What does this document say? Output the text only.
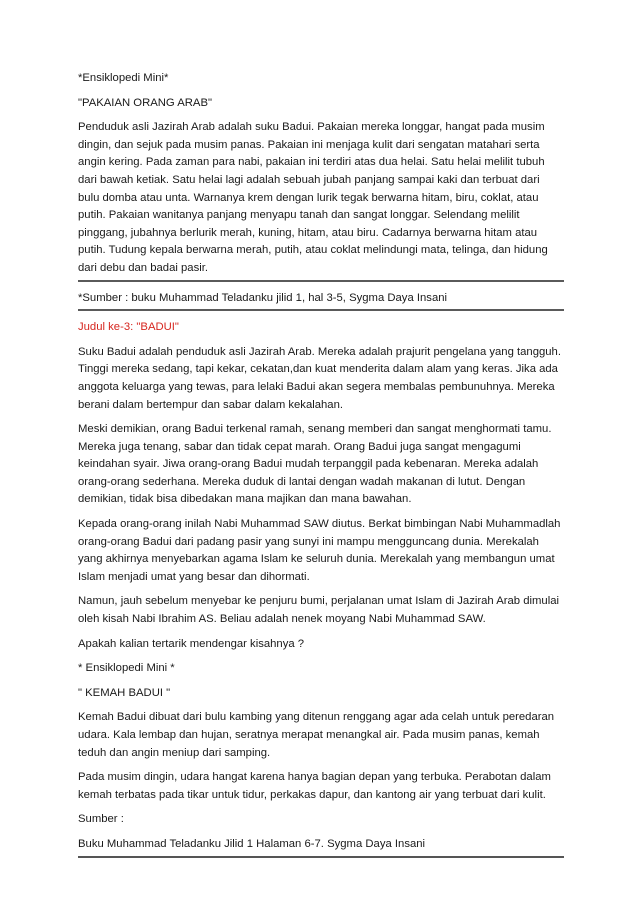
*Ensiklopedi Mini*

"PAKAIAN ORANG ARAB"

Penduduk asli Jazirah Arab adalah suku Badui. Pakaian mereka longgar, hangat pada musim dingin, dan sejuk pada musim panas. Pakaian ini menjaga kulit dari sengatan matahari serta angin kering. Pada zaman para nabi, pakaian ini terdiri atas dua helai. Satu helai melilit tubuh dari bawah ketiak. Satu helai lagi adalah sebuah jubah panjang sampai kaki dan terbuat dari bulu domba atau unta. Warnanya krem dengan lurik tegak berwarna hitam, biru, coklat, atau putih. Pakaian wanitanya panjang menyapu tanah dan sangat longgar. Selendang melilit pinggang, jubahnya berlurik merah, kuning, hitam, atau biru. Cadarnya berwarna hitam atau putih. Tudung kepala berwarna merah, putih, atau coklat melindungi mata, telinga, dan hidung dari debu dan badai pasir.

*Sumber : buku Muhammad Teladanku jilid 1, hal 3-5, Sygma Daya Insani

Judul ke-3: "BADUI"

Suku Badui adalah penduduk asli Jazirah Arab. Mereka adalah prajurit pengelana yang tangguh. Tinggi mereka sedang, tapi kekar, cekatan,dan kuat menderita dalam alam yang keras. Jika ada anggota keluarga yang tewas, para lelaki Badui akan segera membalas pembunuhnya. Mereka berani dalam bertempur dan sabar dalam kekalahan.

Meski demikian, orang Badui terkenal ramah, senang memberi dan sangat menghormati tamu. Mereka juga tenang, sabar dan tidak cepat marah. Orang Badui juga sangat mengagumi keindahan syair. Jiwa orang-orang Badui mudah terpanggil pada kebenaran. Mereka adalah orang-orang sederhana. Mereka duduk di lantai dengan wadah makanan di lutut. Dengan demikian, tidak bisa dibedakan mana majikan dan mana bawahan.

Kepada orang-orang inilah Nabi Muhammad SAW diutus. Berkat bimbingan Nabi Muhammadlah orang-orang Badui dari padang pasir yang sunyi ini mampu mengguncang dunia. Merekalah yang akhirnya menyebarkan agama Islam ke seluruh dunia. Merekalah yang membangun umat Islam menjadi umat yang besar dan dihormati.

Namun, jauh sebelum menyebar ke penjuru bumi, perjalanan umat Islam di Jazirah Arab dimulai oleh kisah Nabi Ibrahim AS. Beliau adalah nenek moyang Nabi Muhammad SAW.

Apakah kalian tertarik mendengar kisahnya ?

* Ensiklopedi Mini *

" KEMAH BADUI "

Kemah Badui dibuat dari bulu kambing yang ditenun renggang agar ada celah untuk peredaran udara. Kala lembap dan hujan, seratnya merapat menangkal air. Pada musim panas, kemah teduh dan angin meniup dari samping.

Pada musim dingin, udara hangat karena hanya bagian depan yang terbuka. Perabotan dalam kemah terbatas pada tikar untuk tidur, perkakas dapur, dan kantong air yang terbuat dari kulit.

Sumber :

Buku Muhammad Teladanku Jilid 1 Halaman 6-7. Sygma Daya Insani
